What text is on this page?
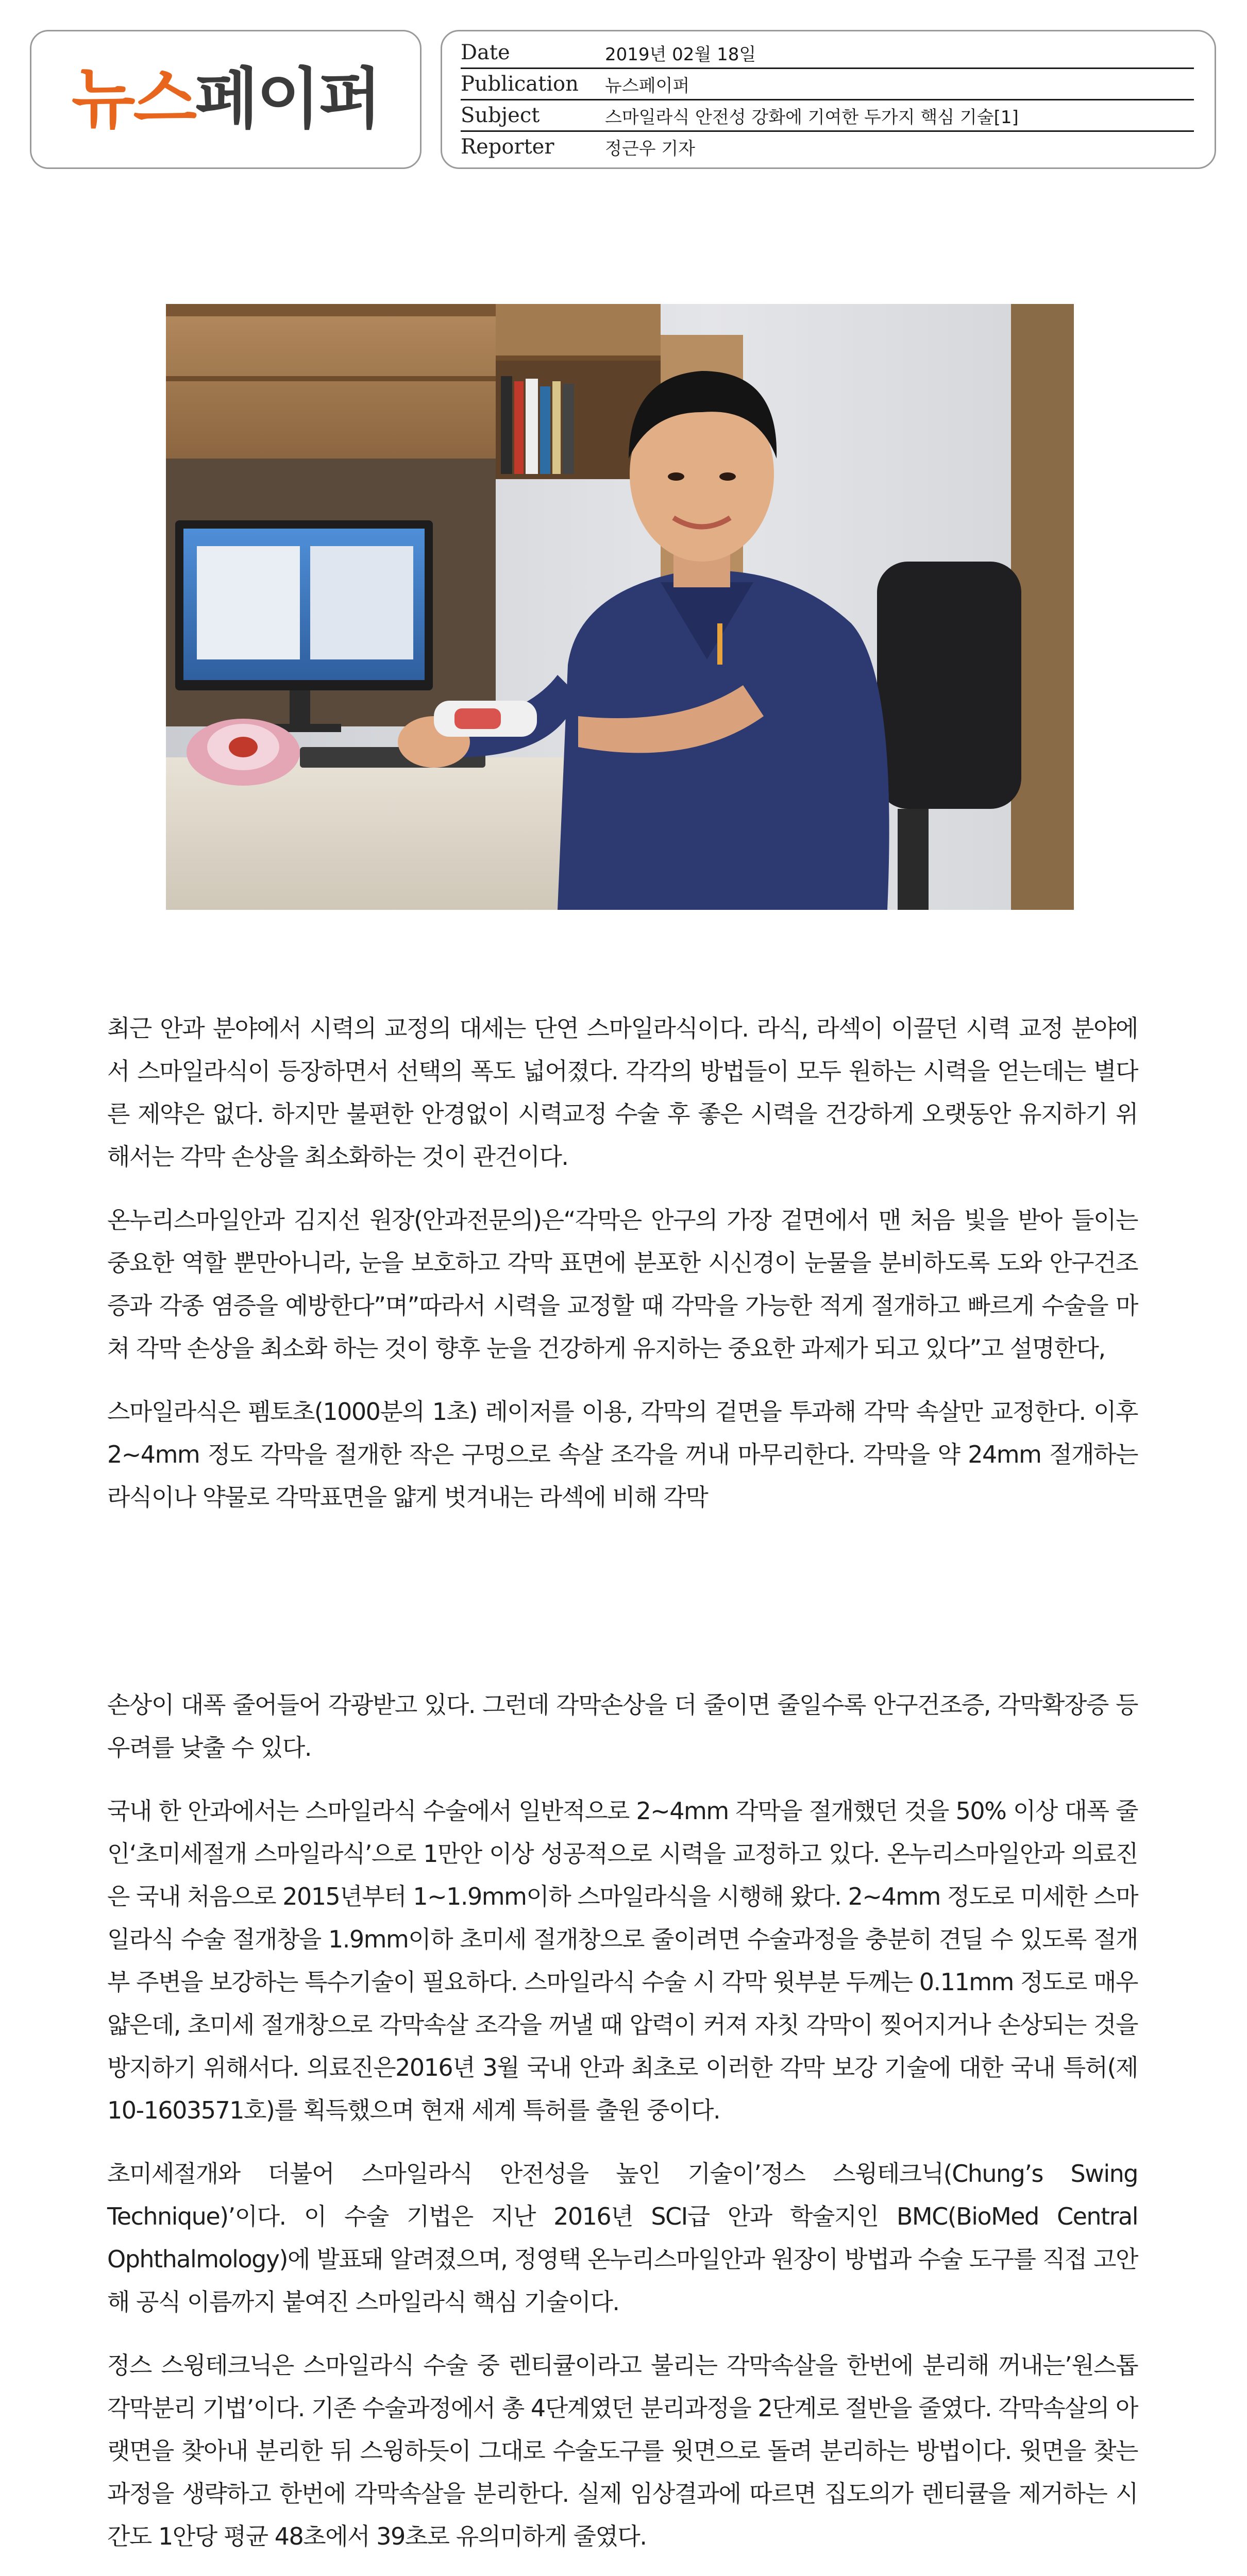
뉴스페이퍼
Date	2019년 02월 18일
Publication	뉴스페이퍼
Subject	스마일라식 안전성 강화에 기여한 두가지 핵심 기술[1]
Reporter	정근우 기자

최근 안과 분야에서 시력의 교정의 대세는 단연 스마일라식이다. 라식, 라섹이 이끌던 시력 교정 분야에서 스마일라식이 등장하면서 선택의 폭도 넓어졌다. 각각의 방법들이 모두 원하는 시력을 얻는데는 별다른 제약은 없다. 하지만 불편한 안경없이 시력교정 수술 후 좋은 시력을 건강하게 오랫동안 유지하기 위해서는 각막 손상을 최소화하는 것이 관건이다.

온누리스마일안과 김지선 원장(안과전문의)은“각막은 안구의 가장 겉면에서 맨 처음 빛을 받아 들이는 중요한 역할 뿐만아니라, 눈을 보호하고 각막 표면에 분포한 시신경이 눈물을 분비하도록 도와 안구건조증과 각종 염증을 예방한다”며”따라서 시력을 교정할 때 각막을 가능한 적게 절개하고 빠르게 수술을 마쳐 각막 손상을 최소화 하는 것이 향후 눈을 건강하게 유지하는 중요한 과제가 되고 있다”고 설명한다,

스마일라식은 펨토초(1000분의 1초) 레이저를 이용, 각막의 겉면을 투과해 각막 속살만 교정한다. 이후 2~4mm 정도 각막을 절개한 작은 구멍으로 속살 조각을 꺼내 마무리한다. 각막을 약 24mm 절개하는 라식이나 약물로 각막표면을 얇게 벗겨내는 라섹에 비해 각막

손상이 대폭 줄어들어 각광받고 있다. 그런데 각막손상을 더 줄이면 줄일수록 안구건조증, 각막확장증 등 우려를 낮출 수 있다.

국내 한 안과에서는 스마일라식 수술에서 일반적으로 2~4mm 각막을 절개했던 것을 50% 이상 대폭 줄인‘초미세절개 스마일라식’으로 1만안 이상 성공적으로 시력을 교정하고 있다. 온누리스마일안과 의료진은 국내 처음으로 2015년부터 1~1.9mm이하 스마일라식을 시행해 왔다. 2~4mm 정도로 미세한 스마일라식 수술 절개창을 1.9mm이하 초미세 절개창으로 줄이려면 수술과정을 충분히 견딜 수 있도록 절개부 주변을 보강하는 특수기술이 필요하다. 스마일라식 수술 시 각막 윗부분 두께는 0.11mm 정도로 매우 얇은데, 초미세 절개창으로 각막속살 조각을 꺼낼 때 압력이 커져 자칫 각막이 찢어지거나 손상되는 것을 방지하기 위해서다. 의료진은2016년 3월 국내 안과 최초로 이러한 각막 보강 기술에 대한 국내 특허(제10-1603571호)를 획득했으며 현재 세계 특허를 출원 중이다.

초미세절개와 더불어 스마일라식 안전성을 높인 기술이’정스 스윙테크닉(Chung’s Swing Technique)’이다. 이 수술 기법은 지난 2016년 SCI급 안과 학술지인 BMC(BioMed Central Ophthalmology)에 발표돼 알려졌으며, 정영택 온누리스마일안과 원장이 방법과 수술 도구를 직접 고안해 공식 이름까지 붙여진 스마일라식 핵심 기술이다.

정스 스윙테크닉은 스마일라식 수술 중 렌티큘이라고 불리는 각막속살을 한번에 분리해 꺼내는’원스톱 각막분리 기법’이다. 기존 수술과정에서 총 4단계였던 분리과정을 2단계로 절반을 줄였다. 각막속살의 아랫면을 찾아내 분리한 뒤 스윙하듯이 그대로 수술도구를 윗면으로 돌려 분리하는 방법이다. 윗면을 찾는 과정을 생략하고 한번에 각막속살을 분리한다. 실제 임상결과에 따르면 집도의가 렌티큘을 제거하는 시간도 1안당 평균 48초에서 39초로 유의미하게 줄였다.
